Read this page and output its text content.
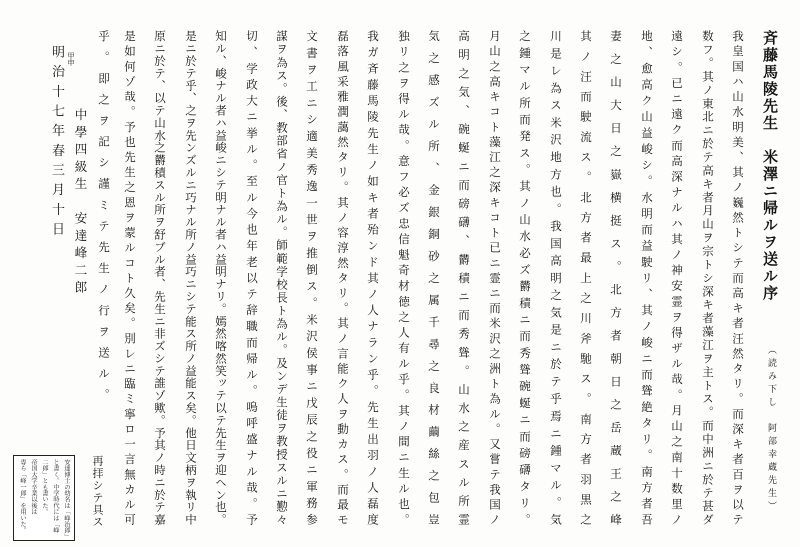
斉藤馬陵先生　米澤ニ帰ルヲ送ル序
（読み下し　阿部幸蔵先生）
我皇国ハ山水明美、其ノ巍然トシテ而高キ者汪然タリ。而深キ者百ヲ以テ
数フ。其ノ東北ニ於テ高キ者月山ヲ宗トシ深キ者藻江ヲ主トス。而中洲ニ於テ甚ダ
遠シ。已ニ遠ク而高深ナルハ其ノ神安霊ヲ得ザル哉。月山之南十数里ノ
地、愈高ク山益峻シ。水明而益駛リ、其ノ峻ニ而聳絶タリ。南方者吾
妻之山大日之嶽横挺ス。北方者朝日之岳蔵王之峰
其ノ汪而駛流ス。北方者最上之川斧馳ス。南方者羽黒之
川是レ為ス米沢地方也。我国高明之気是ニ於テ乎焉ニ鍾マル。気
之鍾マル所而発ス。其ノ山水必ズ欝積ニ而秀聳碗蜒ニ而磅礴タリ。
月山之高キコト藻江之深キコト已ニ霊ニ而米沢之洲ト為ル。又嘗テ我国ノ
高明之気、碗蜒ニ而磅礴、欝積ニ而秀聳。山水之産スル所霊
気之感ズル所、金銀銅砂之属千尋之良材繭絲之包豈
独リ之ヲ得ル哉。意フ必ズ忠信魁奇材徳之人有ル乎。其ノ間ニ生ル也。
我ガ斉藤馬陵先生ノ如キ者殆ンド其ノ人ナラン乎。先生出羽ノ人磊度
磊落風采雅潤藹然タリ。其ノ容淳然タリ。其ノ言能ク人ヲ動カス。而最モ
文書ヲ工ニシ適美秀逸一世ヲ推倒ス。米沢侯事ニ戊辰之役ニ軍務参
謀ヲ為ス。後、教部省ノ官ト為ル。師範学校長ト為ル。及ンデ生徒ヲ教授スルニ懃々
切、学政大ニ挙ル。至ル今也年老以テ辞職而帰ル。嗚呼盛ナル哉。予
知ル、峻ナル者ハ益峻ニシテ明ナル者ハ益明ナリ。嫣然喀然笑ッテ以テ先生ヲ迎ヘン也。
是ニ於テ乎、之ヲ先ンズルニ巧ナル所ノ益巧ニシテ能ス所ノ益能ス矣。他日文柄ヲ執リ中
原ニ於テ、以テ山水之欝積スル所ヲ舒ブル者、先生ニ非ズシテ誰ゾ歟。予其ノ時ニ於テ嘉
是如何ゾ哉。予也先生之恩ヲ蒙ルコト久矣。別レニ臨ミ寧ロ一言無カル可
乎。即之ヲ記シ謹ミテ先生ノ行ヲ送ル。
中學四級生　安達峰二郎
再拝シテ具ス
明治十七年春三月十日 甲申
安達博士の幼名は「峰治郎」
と書く。中学時代には「峰
二郎」とも書いた。
帝国大学卒業以後は
専ら「峰一郎」を用いた。
